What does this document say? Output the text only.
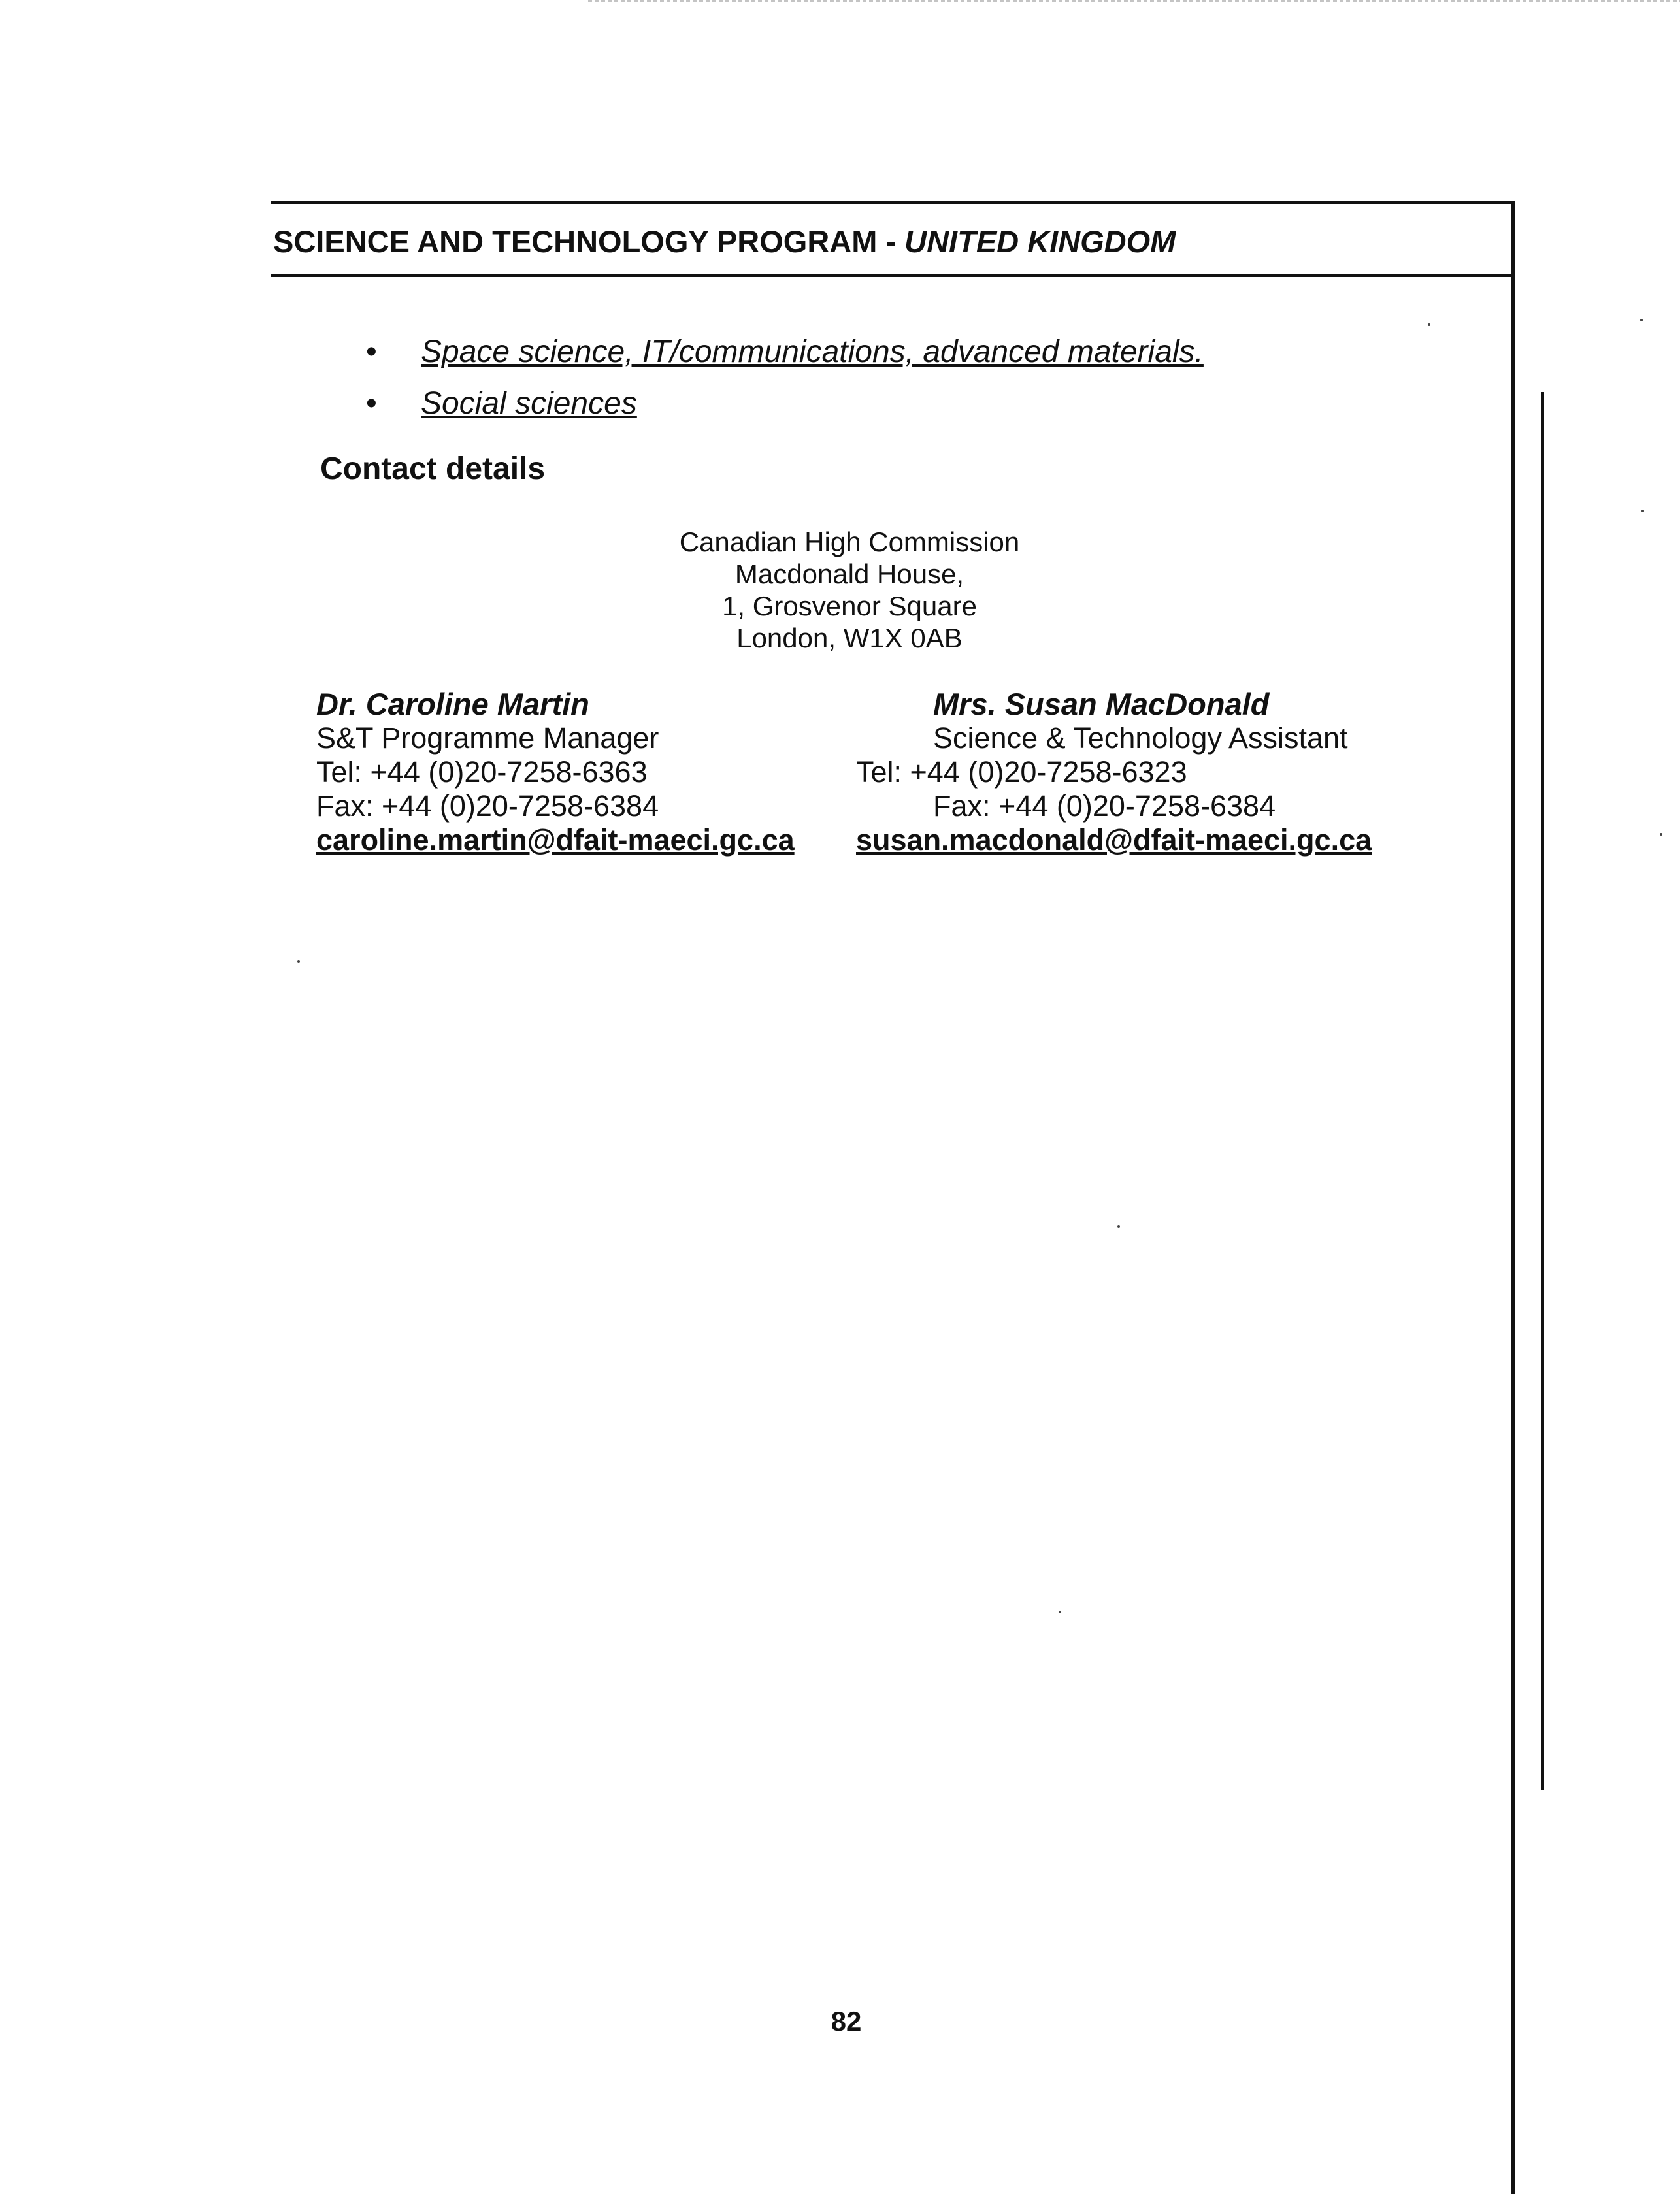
SCIENCE AND TECHNOLOGY PROGRAM - UNITED KINGDOM
• Space science, IT/communications, advanced materials.
• Social sciences
Contact details
Canadian High Commission
Macdonald House,
1, Grosvenor Square
London, W1X 0AB
Dr. Caroline Martin
S&T Programme Manager
Tel: +44 (0)20-7258-6363
Fax: +44 (0)20-7258-6384
caroline.martin@dfait-maeci.gc.ca
Mrs. Susan MacDonald
Science & Technology Assistant
Tel: +44 (0)20-7258-6323
Fax: +44 (0)20-7258-6384
susan.macdonald@dfait-maeci.gc.ca
82
